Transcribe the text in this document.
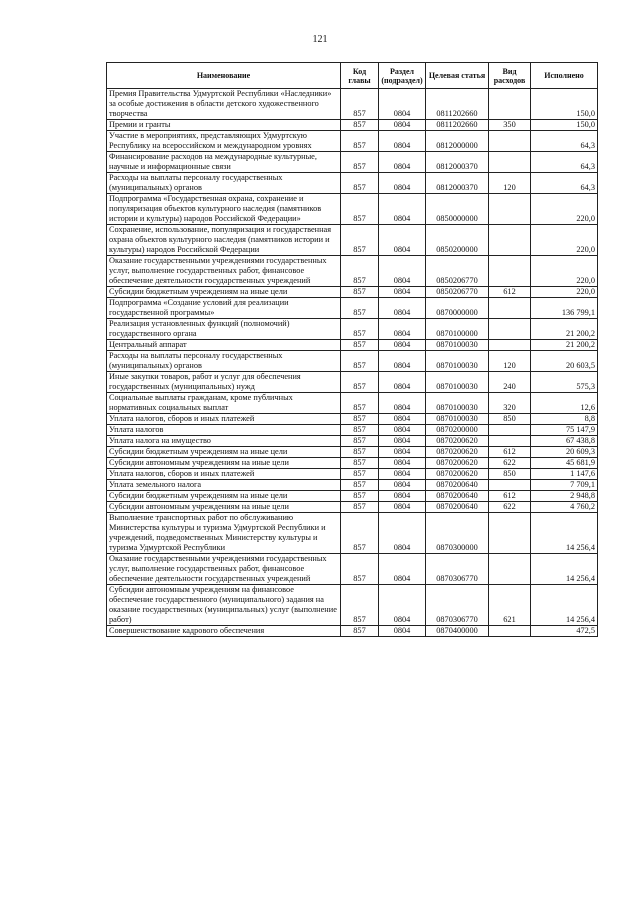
121
Наименование	Код главы	Раздел (подраздел)	Целевая статья	Вид расходов	Исполнено
Премия Правительства Удмуртской Республики «Наследники» за особые достижения в области детского художественного творчества	857	0804	0811202660		150,0
Премии и гранты	857	0804	0811202660	350	150,0
Участие в мероприятиях, представляющих Удмуртскую Республику на всероссийском и международном уровнях	857	0804	0812000000		64,3
Финансирование расходов на международные культурные, научные и информационные связи	857	0804	0812000370		64,3
Расходы на выплаты персоналу государственных (муниципальных) органов	857	0804	0812000370	120	64,3
Подпрограмма «Государственная охрана, сохранение и популяризация объектов культурного наследия (памятников истории и культуры) народов Российской Федерации»	857	0804	0850000000		220,0
Сохранение, использование, популяризация и государственная охрана объектов культурного наследия (памятников истории и культуры) народов Российской Федерации	857	0804	0850200000		220,0
Оказание государственными учреждениями государственных услуг, выполнение государственных работ, финансовое обеспечение деятельности государственных учреждений	857	0804	0850206770		220,0
Субсидии бюджетным учреждениям на иные цели	857	0804	0850206770	612	220,0
Подпрограмма «Создание условий для реализации государственной программы»	857	0804	0870000000		136 799,1
Реализация установленных функций (полномочий) государственного органа	857	0804	0870100000		21 200,2
Центральный аппарат	857	0804	0870100030		21 200,2
Расходы на выплаты персоналу государственных (муниципальных) органов	857	0804	0870100030	120	20 603,5
Иные закупки товаров, работ и услуг для обеспечения государственных (муниципальных) нужд	857	0804	0870100030	240	575,3
Социальные выплаты гражданам, кроме публичных нормативных социальных выплат	857	0804	0870100030	320	12,6
Уплата налогов, сборов и иных платежей	857	0804	0870100030	850	8,8
Уплата налогов	857	0804	0870200000		75 147,9
Уплата налога на имущество	857	0804	0870200620		67 438,8
Субсидии бюджетным учреждениям на иные цели	857	0804	0870200620	612	20 609,3
Субсидии автономным учреждениям на иные цели	857	0804	0870200620	622	45 681,9
Уплата налогов, сборов и иных платежей	857	0804	0870200620	850	1 147,6
Уплата земельного налога	857	0804	0870200640		7 709,1
Субсидии бюджетным учреждениям на иные цели	857	0804	0870200640	612	2 948,8
Субсидии автономным учреждениям на иные цели	857	0804	0870200640	622	4 760,2
Выполнение транспортных работ по обслуживанию Министерства культуры и туризма Удмуртской Республики и учреждений, подведомственных Министерству культуры и туризма Удмуртской Республики	857	0804	0870300000		14 256,4
Оказание государственными учреждениями государственных услуг, выполнение государственных работ, финансовое обеспечение деятельности государственных учреждений	857	0804	0870306770		14 256,4
Субсидии автономным учреждениям на финансовое обеспечение государственного (муниципального) задания на оказание государственных (муниципальных) услуг (выполнение работ)	857	0804	0870306770	621	14 256,4
Совершенствование кадрового обеспечения	857	0804	0870400000		472,5
